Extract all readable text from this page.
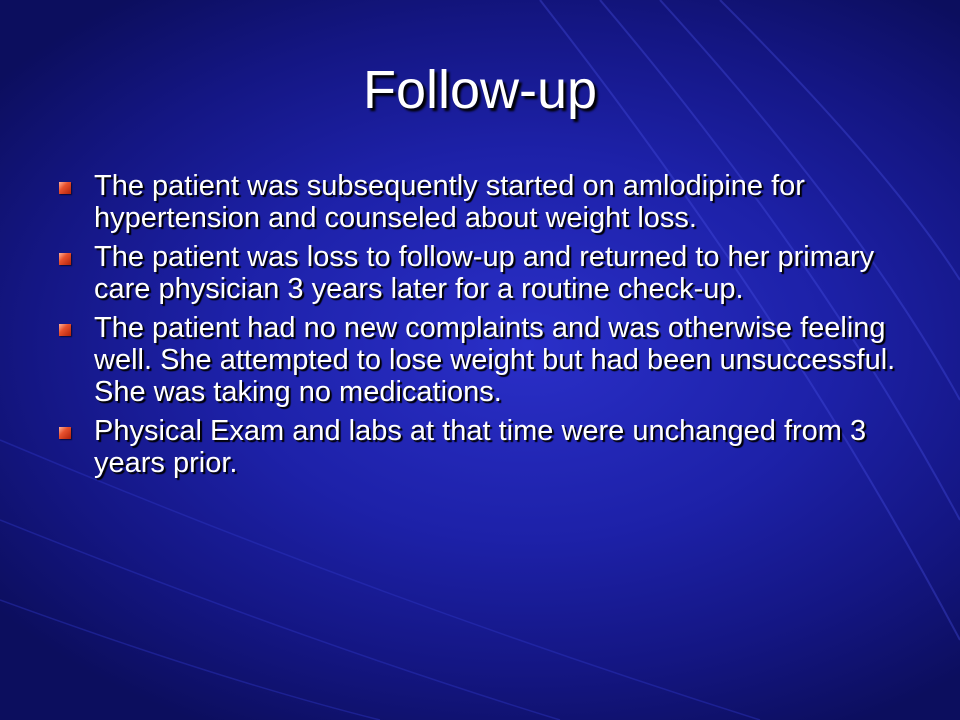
Follow-up
The patient was subsequently started on amlodipine for hypertension and counseled about weight loss.
The patient was loss to follow-up and returned to her primary care physician 3 years later for a routine check-up.
The patient had no new complaints and was otherwise feeling well. She attempted to lose weight but had been unsuccessful. She was taking no medications.
Physical Exam and labs at that time were unchanged from 3 years prior.
